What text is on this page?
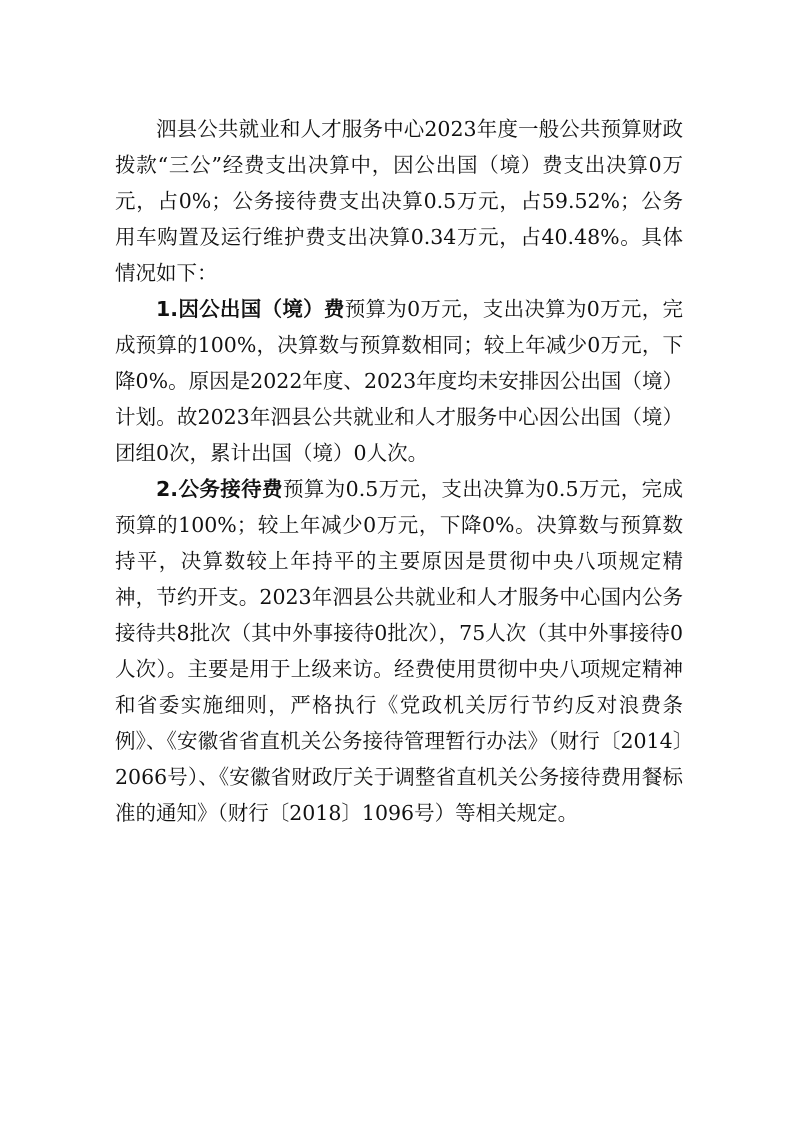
泗县公共就业和人才服务中心2023年度一般公共预算财政拨款“三公”经费支出决算中，因公出国（境）费支出决算0万元，占0%；公务接待费支出决算0.5万元，占59.52%；公务用车购置及运行维护费支出决算0.34万元，占40.48%。具体情况如下：

1.因公出国（境）费预算为0万元，支出决算为0万元，完成预算的100%，决算数与预算数相同；较上年减少0万元，下降0%。原因是2022年度、2023年度均未安排因公出国（境）计划。故2023年泗县公共就业和人才服务中心因公出国（境）团组0次，累计出国（境）0人次。

2.公务接待费预算为0.5万元，支出决算为0.5万元，完成预算的100%；较上年减少0万元，下降0%。决算数与预算数持平，决算数较上年持平的主要原因是贯彻中央八项规定精神，节约开支。2023年泗县公共就业和人才服务中心国内公务接待共8批次（其中外事接待0批次），75人次（其中外事接待0人次）。主要是用于上级来访。经费使用贯彻中央八项规定精神和省委实施细则，严格执行《党政机关厉行节约反对浪费条例》、《安徽省省直机关公务接待管理暂行办法》（财行〔2014〕2066号）、《安徽省财政厅关于调整省直机关公务接待费用餐标准的通知》（财行〔2018〕1096号）等相关规定。
